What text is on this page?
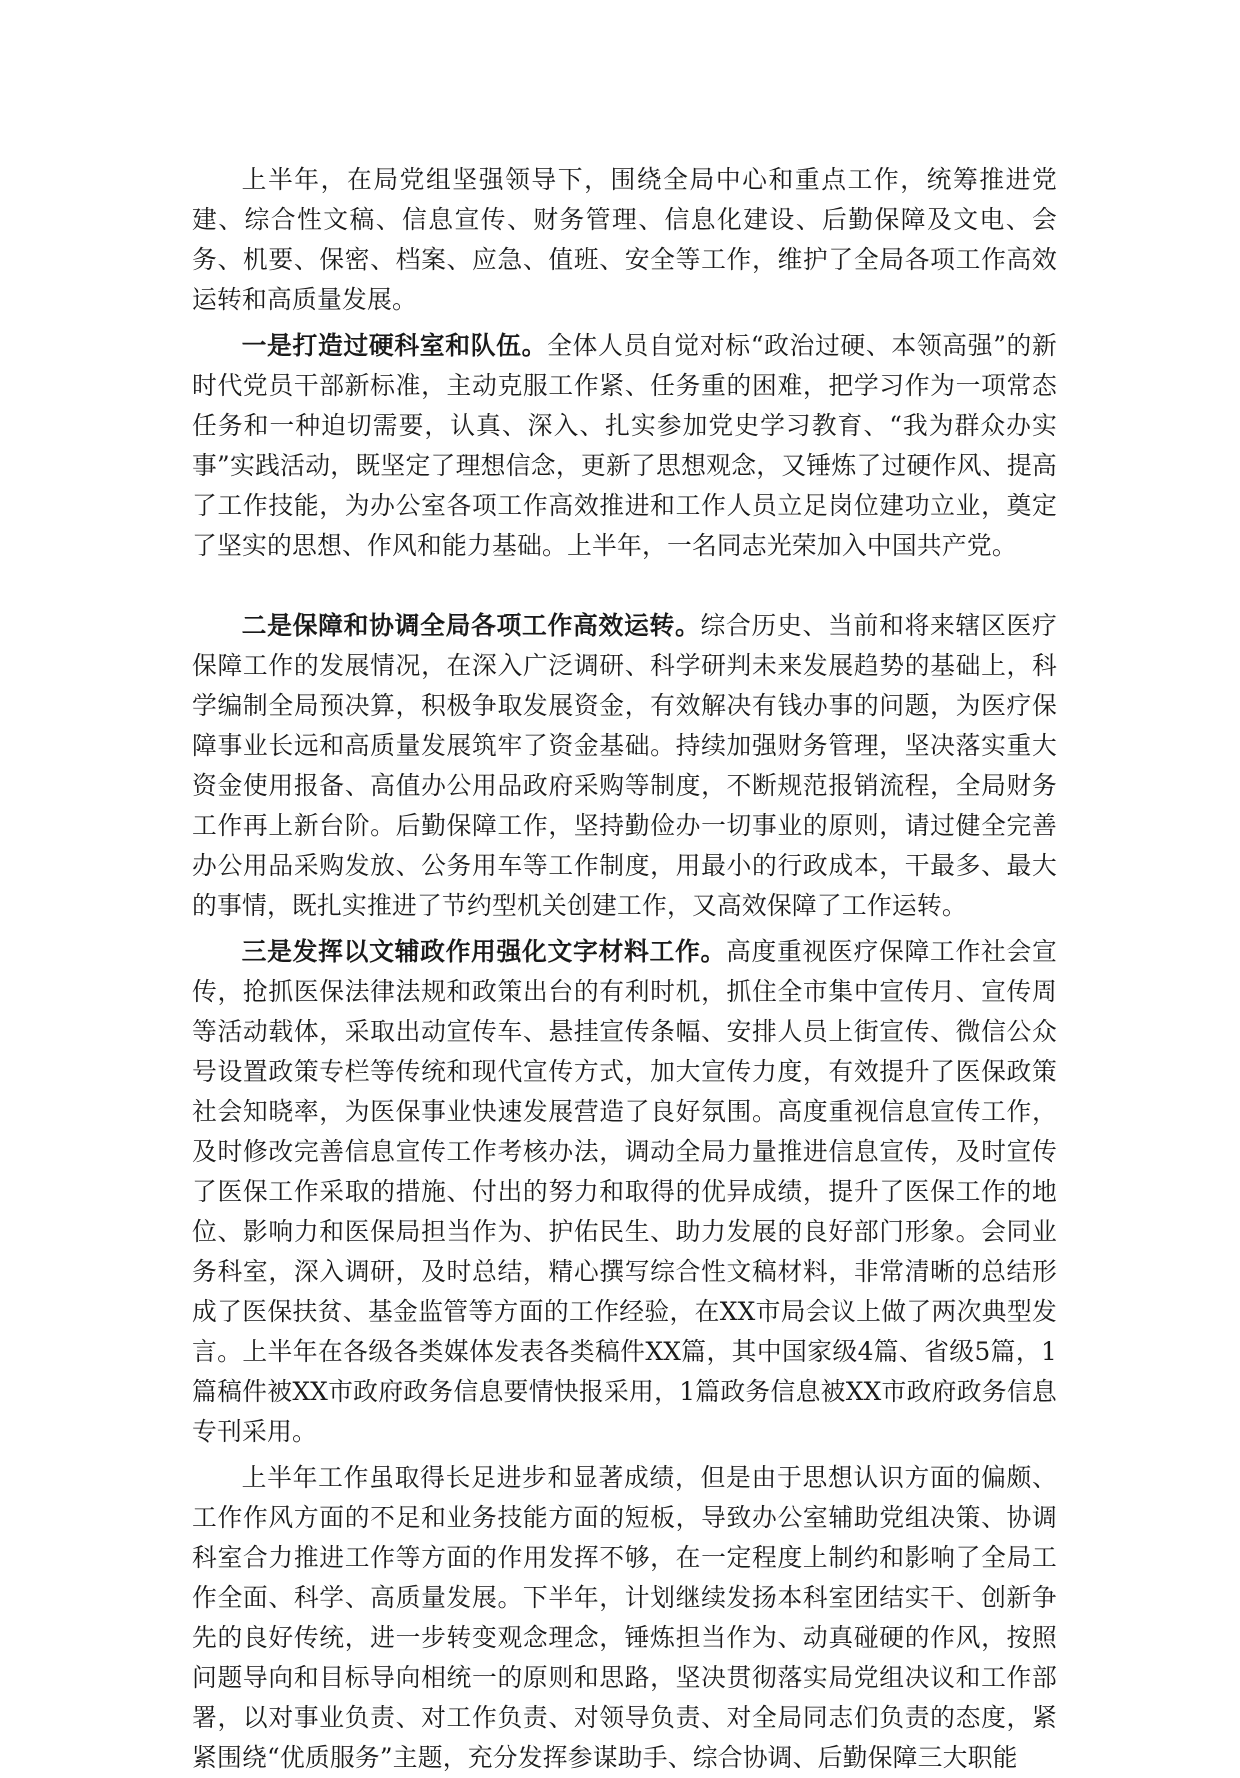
上半年，在局党组坚强领导下，围绕全局中心和重点工作，统筹推进党建、综合性文稿、信息宣传、财务管理、信息化建设、后勤保障及文电、会务、机要、保密、档案、应急、值班、安全等工作，维护了全局各项工作高效运转和高质量发展。

一是打造过硬科室和队伍。全体人员自觉对标“政治过硬、本领高强”的新时代党员干部新标准，主动克服工作紧、任务重的困难，把学习作为一项常态任务和一种迫切需要，认真、深入、扎实参加党史学习教育、“我为群众办实事”实践活动，既坚定了理想信念，更新了思想观念，又锤炼了过硬作风、提高了工作技能，为办公室各项工作高效推进和工作人员立足岗位建功立业，奠定了坚实的思想、作风和能力基础。上半年，一名同志光荣加入中国共产党。

二是保障和协调全局各项工作高效运转。综合历史、当前和将来辖区医疗保障工作的发展情况，在深入广泛调研、科学研判未来发展趋势的基础上，科学编制全局预决算，积极争取发展资金，有效解决有钱办事的问题，为医疗保障事业长远和高质量发展筑牢了资金基础。持续加强财务管理，坚决落实重大资金使用报备、高值办公用品政府采购等制度，不断规范报销流程，全局财务工作再上新台阶。后勤保障工作，坚持勤俭办一切事业的原则，请过健全完善办公用品采购发放、公务用车等工作制度，用最小的行政成本，干最多、最大的事情，既扎实推进了节约型机关创建工作，又高效保障了工作运转。

三是发挥以文辅政作用强化文字材料工作。高度重视医疗保障工作社会宣传，抢抓医保法律法规和政策出台的有利时机，抓住全市集中宣传月、宣传周等活动载体，采取出动宣传车、悬挂宣传条幅、安排人员上街宣传、微信公众号设置政策专栏等传统和现代宣传方式，加大宣传力度，有效提升了医保政策社会知晓率，为医保事业快速发展营造了良好氛围。高度重视信息宣传工作，及时修改完善信息宣传工作考核办法，调动全局力量推进信息宣传，及时宣传了医保工作采取的措施、付出的努力和取得的优异成绩，提升了医保工作的地位、影响力和医保局担当作为、护佑民生、助力发展的良好部门形象。会同业务科室，深入调研，及时总结，精心撰写综合性文稿材料，非常清晰的总结形成了医保扶贫、基金监管等方面的工作经验，在XX市局会议上做了两次典型发言。上半年在各级各类媒体发表各类稿件XX篇，其中国家级4篇、省级5篇，1篇稿件被XX市政府政务信息要情快报采用，1篇政务信息被XX市政府政务信息专刊采用。

上半年工作虽取得长足进步和显著成绩，但是由于思想认识方面的偏颇、工作作风方面的不足和业务技能方面的短板，导致办公室辅助党组决策、协调科室合力推进工作等方面的作用发挥不够，在一定程度上制约和影响了全局工作全面、科学、高质量发展。下半年，计划继续发扬本科室团结实干、创新争先的良好传统，进一步转变观念理念，锤炼担当作为、动真碰硬的作风，按照问题导向和目标导向相统一的原则和思路，坚决贯彻落实局党组决议和工作部署，以对事业负责、对工作负责、对领导负责、对全局同志们负责的态度，紧紧围绕“优质服务”主题，充分发挥参谋助手、综合协调、后勤保障三大职能
